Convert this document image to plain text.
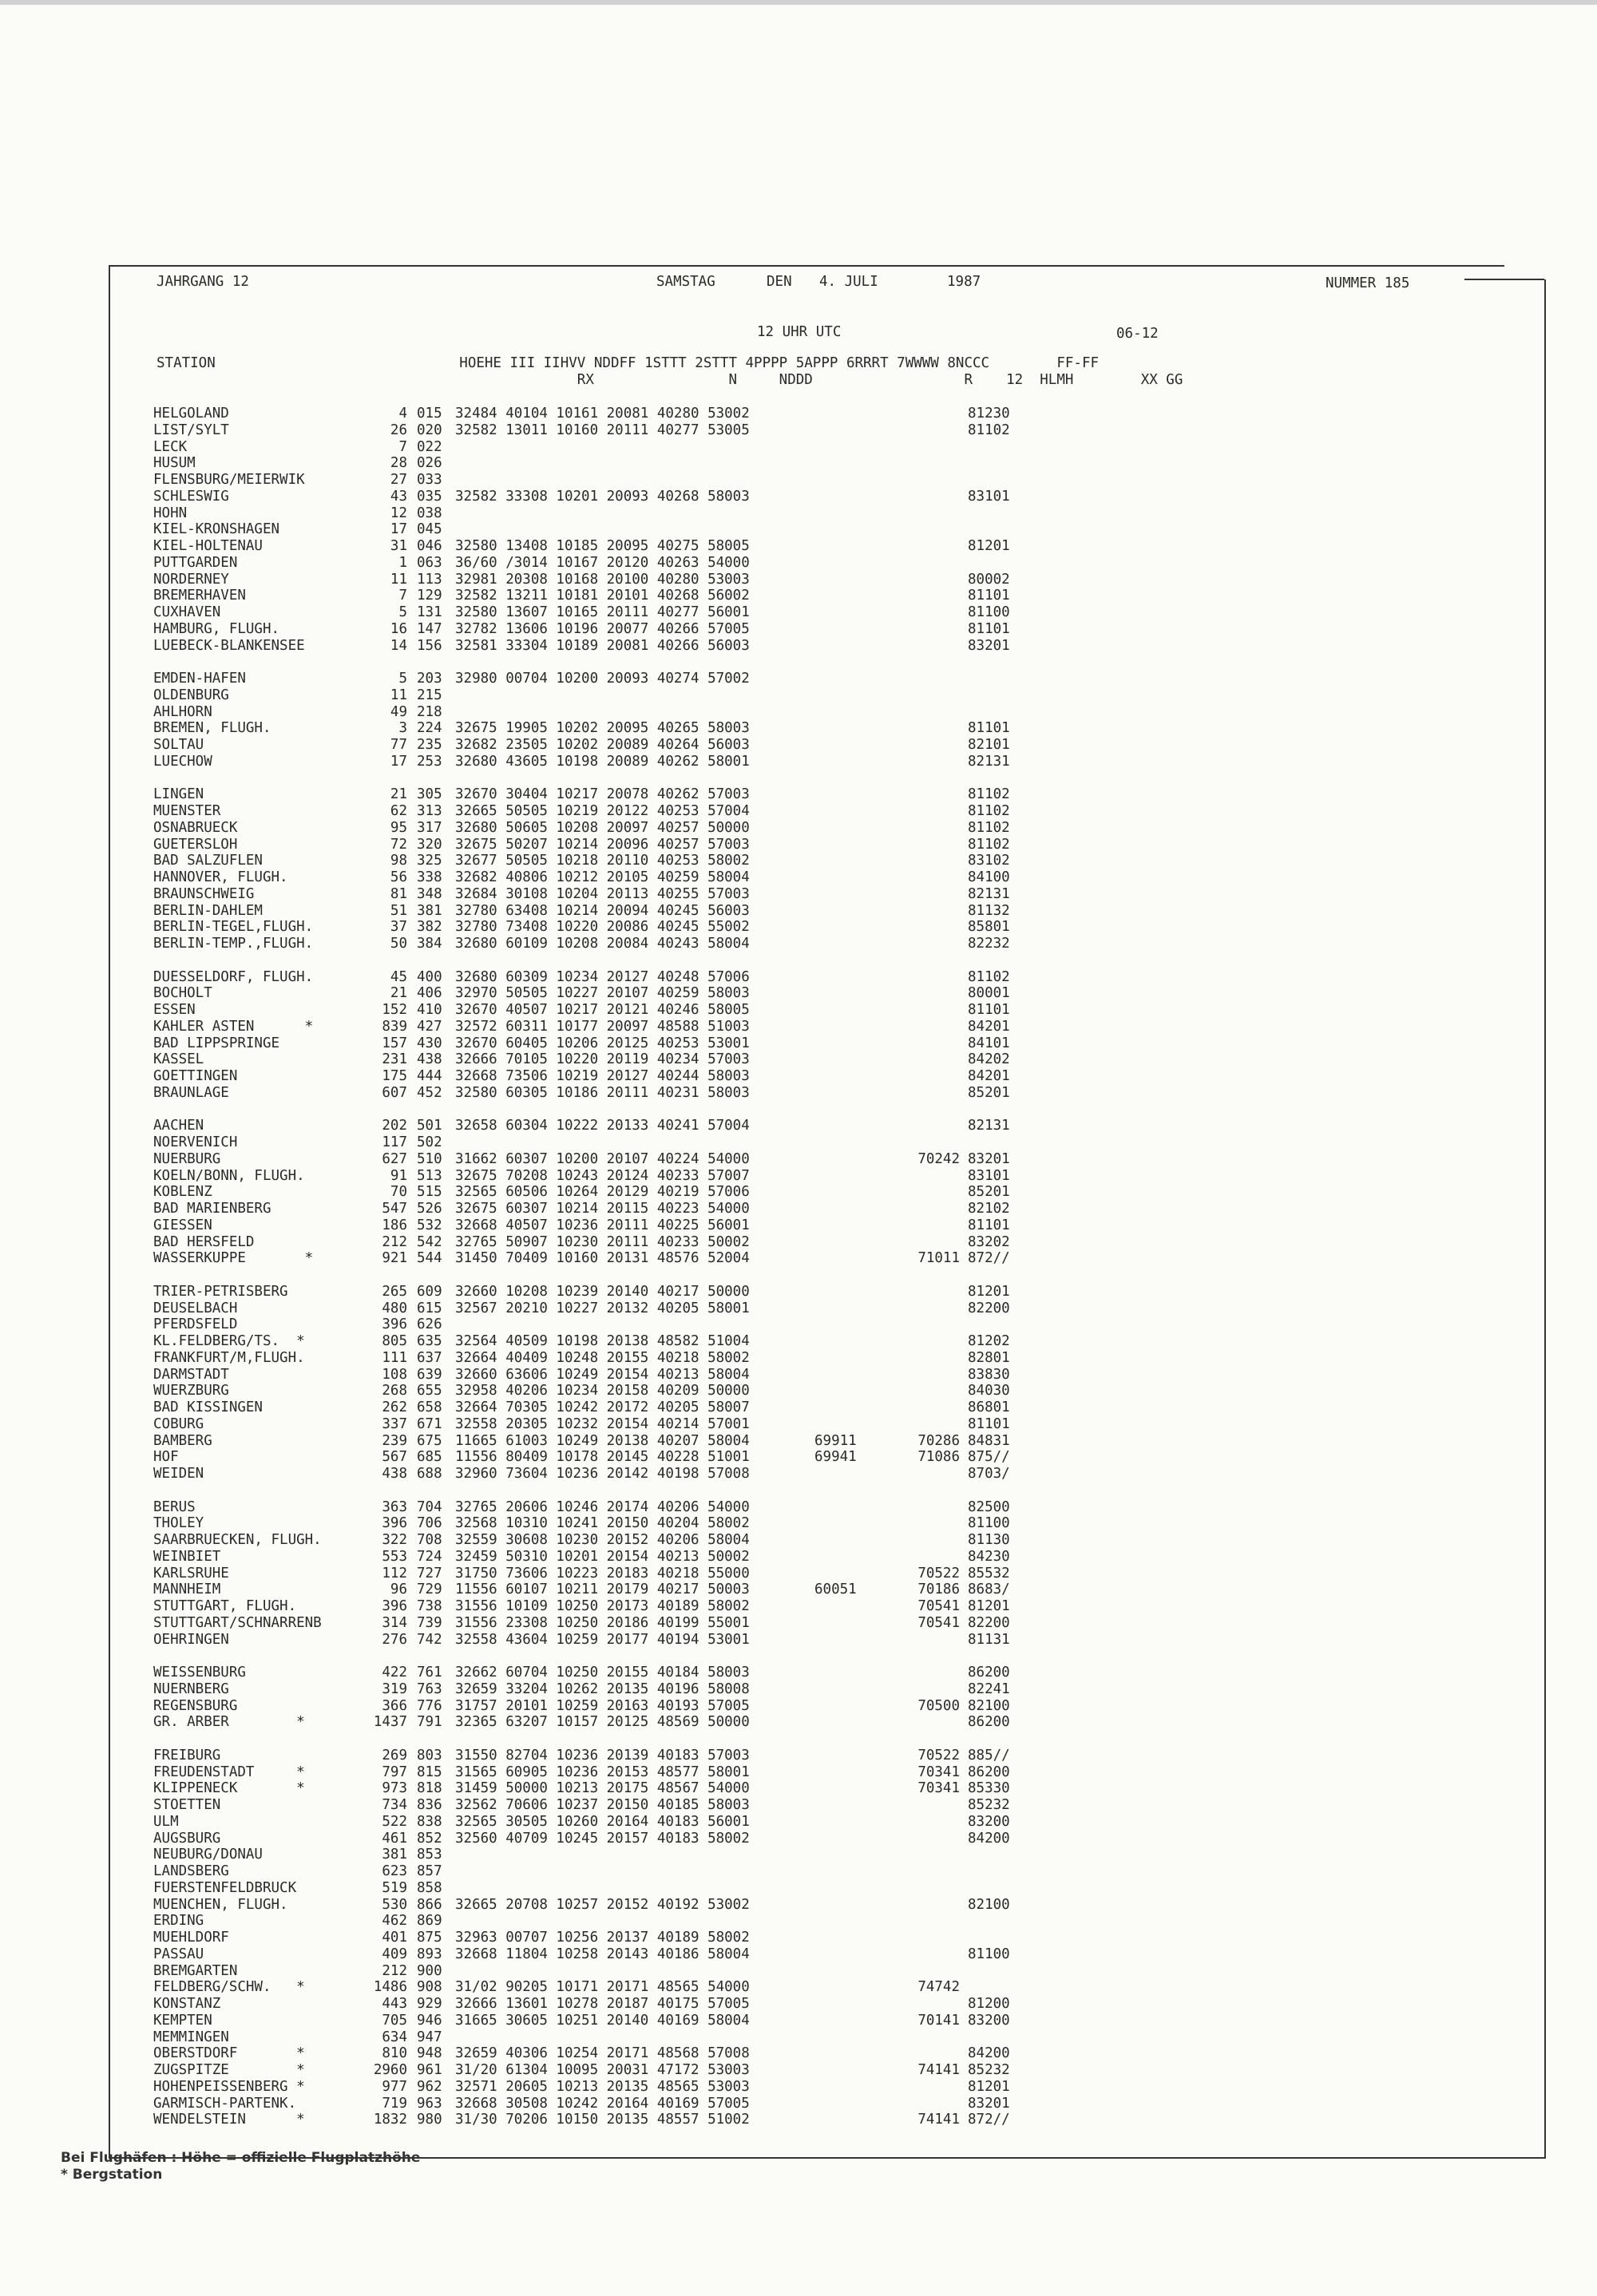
JAHRGANG 12	SAMSTAG	DEN 4. JULI	1987	NUMMER 185
12 UHR UTC	06-12
STATION                             HOEHE III IIHVV NDDFF 1STTT 2STTT 4PPPP 5APPP 6RRRT 7WWWW 8NCCC        FF-FF
RX                N     NDDD                  R    12  HLMH        XX GG
HELGOLAND	4 015 32484 40104 10161 20081 40280 53002	81230
LIST/SYLT	26 020 32582 13011 10160 20111 40277 53005	81102
LECK	7 022
HUSUM	28 026
FLENSBURG/MEIERWIK	27 033
SCHLESWIG	43 035 32582 33308 10201 20093 40268 58003	83101
HOHN	12 038
KIEL-KRONSHAGEN	17 045
KIEL-HOLTENAU	31 046 32580 13408 10185 20095 40275 58005	81201
PUTTGARDEN	1 063 36/60 /3014 10167 20120 40263 54000
NORDERNEY	11 113 32981 20308 10168 20100 40280 53003	80002
BREMERHAVEN	7 129 32582 13211 10181 20101 40268 56002	81101
CUXHAVEN	5 131 32580 13607 10165 20111 40277 56001	81100
HAMBURG, FLUGH.	16 147 32782 13606 10196 20077 40266 57005	81101
LUEBECK-BLANKENSEE	14 156 32581 33304 10189 20081 40266 56003	83201
EMDEN-HAFEN	5 203 32980 00704 10200 20093 40274 57002
OLDENBURG	11 215
AHLHORN	49 218
BREMEN, FLUGH.	3 224 32675 19905 10202 20095 40265 58003	81101
SOLTAU	77 235 32682 23505 10202 20089 40264 56003	82101
LUECHOW	17 253 32680 43605 10198 20089 40262 58001	82131
LINGEN	21 305 32670 30404 10217 20078 40262 57003	81102
MUENSTER	62 313 32665 50505 10219 20122 40253 57004	81102
OSNABRUECK	95 317 32680 50605 10208 20097 40257 50000	81102
GUETERSLOH	72 320 32675 50207 10214 20096 40257 57003	81102
BAD SALZUFLEN	98 325 32677 50505 10218 20110 40253 58002	83102
HANNOVER, FLUGH.	56 338 32682 40806 10212 20105 40259 58004	84100
BRAUNSCHWEIG	81 348 32684 30108 10204 20113 40255 57003	82131
BERLIN-DAHLEM	51 381 32780 63408 10214 20094 40245 56003	81132
BERLIN-TEGEL,FLUGH.	37 382 32780 73408 10220 20086 40245 55002	85801
BERLIN-TEMP.,FLUGH.	50 384 32680 60109 10208 20084 40243 58004	82232
DUESSELDORF, FLUGH.	45 400 32680 60309 10234 20127 40248 57006	81102
BOCHOLT	21 406 32970 50505 10227 20107 40259 58003	80001
ESSEN	152 410 32670 40507 10217 20121 40246 58005	81101
KAHLER ASTEN      *	839 427 32572 60311 10177 20097 48588 51003	84201
BAD LIPPSPRINGE	157 430 32670 60405 10206 20125 40253 53001	84101
KASSEL	231 438 32666 70105 10220 20119 40234 57003	84202
GOETTINGEN	175 444 32668 73506 10219 20127 40244 58003	84201
BRAUNLAGE	607 452 32580 60305 10186 20111 40231 58003	85201
AACHEN	202 501 32658 60304 10222 20133 40241 57004	82131
NOERVENICH	117 502
NUERBURG	627 510 31662 60307 10200 20107 40224 54000	70242 83201
KOELN/BONN, FLUGH.	91 513 32675 70208 10243 20124 40233 57007	83101
KOBLENZ	70 515 32565 60506 10264 20129 40219 57006	85201
BAD MARIENBERG	547 526 32675 60307 10214 20115 40223 54000	82102
GIESSEN	186 532 32668 40507 10236 20111 40225 56001	81101
BAD HERSFELD	212 542 32765 50907 10230 20111 40233 50002	83202
WASSERKUPPE       *	921 544 31450 70409 10160 20131 48576 52004	71011 872//
TRIER-PETRISBERG	265 609 32660 10208 10239 20140 40217 50000	81201
DEUSELBACH	480 615 32567 20210 10227 20132 40205 58001	82200
PFERDSFELD	396 626
KL.FELDBERG/TS.  *	805 635 32564 40509 10198 20138 48582 51004	81202
FRANKFURT/M,FLUGH.	111 637 32664 40409 10248 20155 40218 58002	82801
DARMSTADT	108 639 32660 63606 10249 20154 40213 58004	83830
WUERZBURG	268 655 32958 40206 10234 20158 40209 50000	84030
BAD KISSINGEN	262 658 32664 70305 10242 20172 40205 58007	86801
COBURG	337 671 32558 20305 10232 20154 40214 57001	81101
BAMBERG	239 675 11665 61003 10249 20138 40207 58004	69911	70286 84831
HOF	567 685 11556 80409 10178 20145 40228 51001	69941	71086 875//
WEIDEN	438 688 32960 73604 10236 20142 40198 57008	8703/
BERUS	363 704 32765 20606 10246 20174 40206 54000	82500
THOLEY	396 706 32568 10310 10241 20150 40204 58002	81100
SAARBRUECKEN, FLUGH.	322 708 32559 30608 10230 20152 40206 58004	81130
WEINBIET	553 724 32459 50310 10201 20154 40213 50002	84230
KARLSRUHE	112 727 31750 73606 10223 20183 40218 55000	70522 85532
MANNHEIM	96 729 11556 60107 10211 20179 40217 50003	60051	70186 8683/
STUTTGART, FLUGH.	396 738 31556 10109 10250 20173 40189 58002	70541 81201
STUTTGART/SCHNARRENB	314 739 31556 23308 10250 20186 40199 55001	70541 82200
OEHRINGEN	276 742 32558 43604 10259 20177 40194 53001	81131
WEISSENBURG	422 761 32662 60704 10250 20155 40184 58003	86200
NUERNBERG	319 763 32659 33204 10262 20135 40196 58008	82241
REGENSBURG	366 776 31757 20101 10259 20163 40193 57005	70500 82100
GR. ARBER        *	1437 791 32365 63207 10157 20125 48569 50000	86200
FREIBURG	269 803 31550 82704 10236 20139 40183 57003	70522 885//
FREUDENSTADT     *	797 815 31565 60905 10236 20153 48577 58001	70341 86200
KLIPPENECK       *	973 818 31459 50000 10213 20175 48567 54000	70341 85330
STOETTEN	734 836 32562 70606 10237 20150 40185 58003	85232
ULM	522 838 32565 30505 10260 20164 40183 56001	83200
AUGSBURG	461 852 32560 40709 10245 20157 40183 58002	84200
NEUBURG/DONAU	381 853
LANDSBERG	623 857
FUERSTENFELDBRUCK	519 858
MUENCHEN, FLUGH.	530 866 32665 20708 10257 20152 40192 53002	82100
ERDING	462 869
MUEHLDORF	401 875 32963 00707 10256 20137 40189 58002
PASSAU	409 893 32668 11804 10258 20143 40186 58004	81100
BREMGARTEN	212 900
FELDBERG/SCHW.   *	1486 908 31/02 90205 10171 20171 48565 54000	74742
KONSTANZ	443 929 32666 13601 10278 20187 40175 57005	81200
KEMPTEN	705 946 31665 30605 10251 20140 40169 58004	70141 83200
MEMMINGEN	634 947
OBERSTDORF       *	810 948 32659 40306 10254 20171 48568 57008	84200
ZUGSPITZE        *	2960 961 31/20 61304 10095 20031 47172 53003	74141 85232
HOHENPEISSENBERG *	977 962 32571 20605 10213 20135 48565 53003	81201
GARMISCH-PARTENK.	719 963 32668 30508 10242 20164 40169 57005	83201
WENDELSTEIN      *	1832 980 31/30 70206 10150 20135 48557 51002	74141 872//
Bei Flughäfen : Höhe = offizielle Flugplatzhöhe
* Bergstation
